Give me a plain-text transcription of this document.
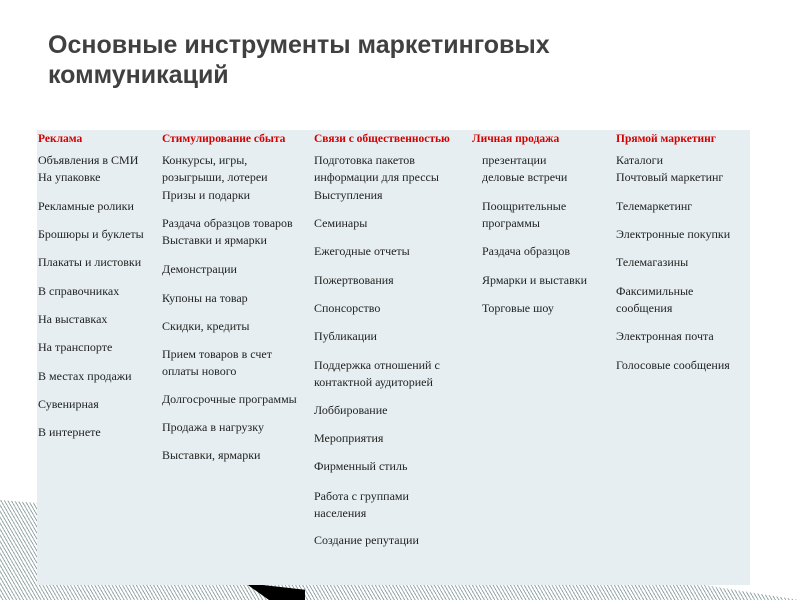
Основные инструменты маркетинговых
коммуникаций
Реклама
Объявления в СМИ
На упаковке
Рекламные ролики
Брошюры и буклеты
Плакаты и листовки
В справочниках
На выставках
На транспорте
В местах продажи
Сувенирная
В интернете
Стимулирование сбыта
Конкурсы, игры,
розыгрыши, лотереи
Призы и подарки
Раздача образцов товаров
Выставки и ярмарки
Демонстрации
Купоны на товар
Скидки, кредиты
Прием товаров в счет
оплаты нового
Долгосрочные программы
Продажа в нагрузку
Выставки, ярмарки
Связи с общественностью
Подготовка пакетов
информации для прессы
Выступления
Семинары
Ежегодные отчеты
Пожертвования
Спонсорство
Публикации
Поддержка отношений с
контактной аудиторией
Лоббирование
Мероприятия
Фирменный стиль
Работа с группами
населения
Создание репутации
Личная продажа
презентации
деловые встречи
Поощрительные
программы
Раздача образцов
Ярмарки и выставки
Торговые шоу
Прямой маркетинг
Каталоги
Почтовый маркетинг
Телемаркетинг
Электронные покупки
Телемагазины
Факсимильные
сообщения
Электронная почта
Голосовые сообщения
